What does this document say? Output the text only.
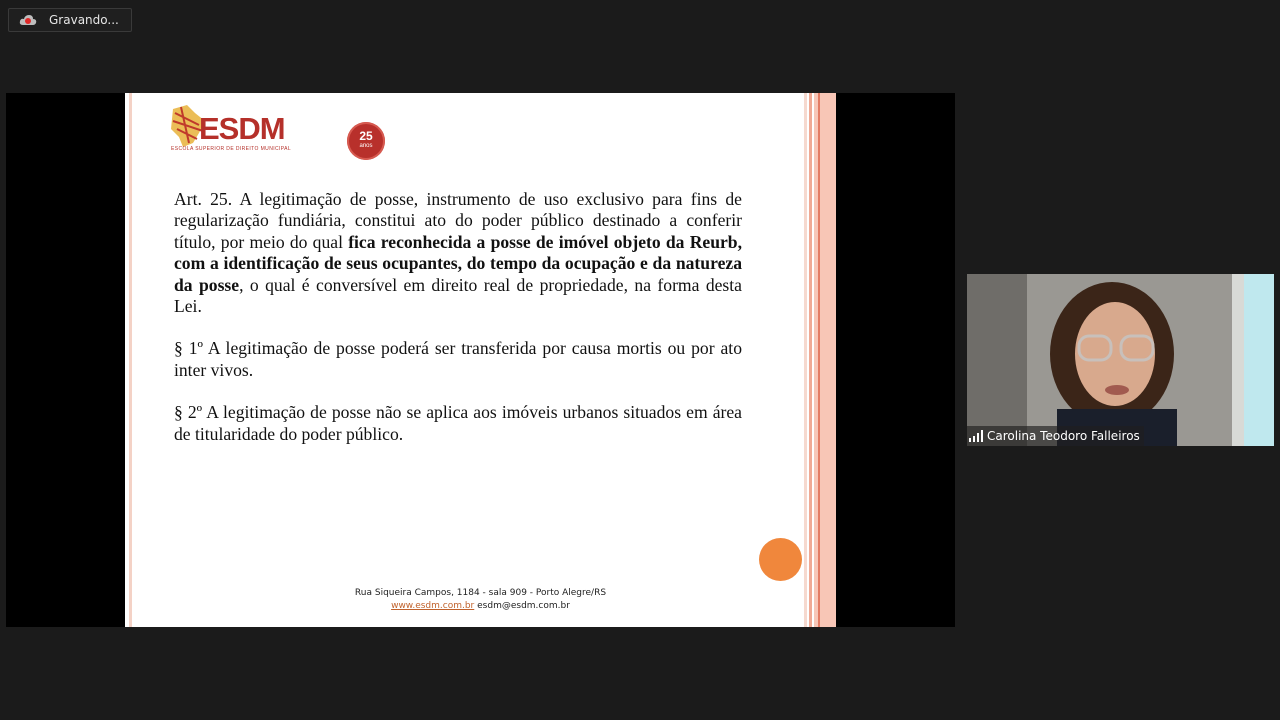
Gravando...
ESDM
ESCOLA SUPERIOR DE DIREITO MUNICIPAL
25
anos

Art. 25. A legitimação de posse, instrumento de uso exclusivo para fins de regularização fundiária, constitui ato do poder público destinado a conferir título, por meio do qual fica reconhecida a posse de imóvel objeto da Reurb, com a identificação de seus ocupantes, do tempo da ocupação e da natureza da posse, o qual é conversível em direito real de propriedade, na forma desta Lei.

§ 1º A legitimação de posse poderá ser transferida por causa mortis ou por ato inter vivos.

§ 2º A legitimação de posse não se aplica aos imóveis urbanos situados em área de titularidade do poder público.

Rua Siqueira Campos, 1184 - sala 909 - Porto Alegre/RS
www.esdm.com.br esdm@esdm.com.br
Carolina Teodoro Falleiros
